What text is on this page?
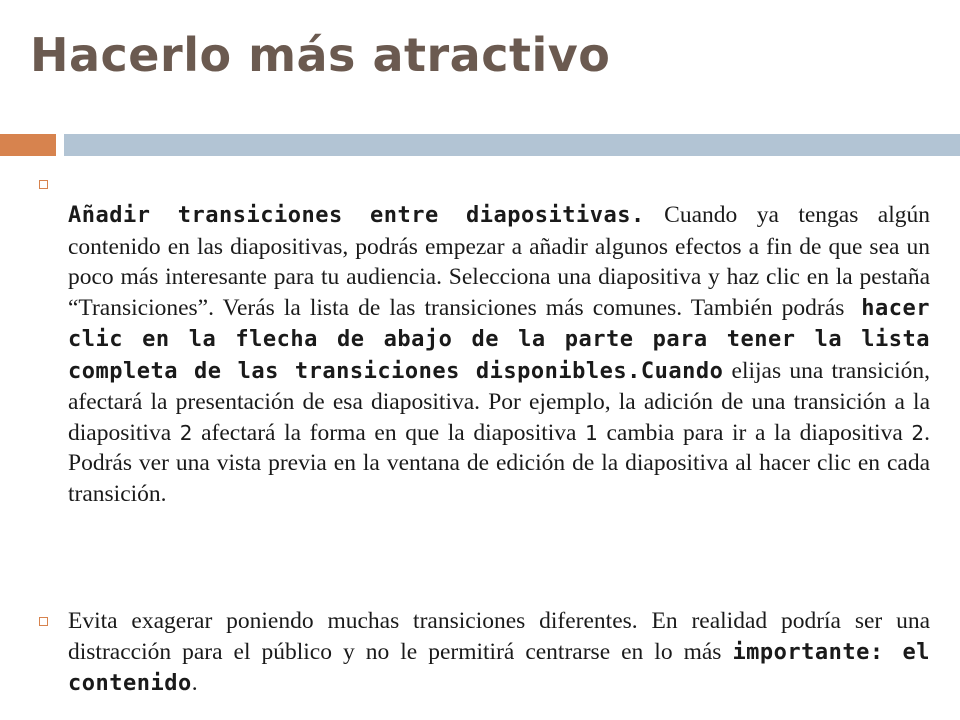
Hacerlo más atractivo

Añadir transiciones entre diapositivas. Cuando ya tengas algún contenido en las diapositivas, podrás empezar a añadir algunos efectos a fin de que sea un poco más interesante para tu audiencia. Selecciona una diapositiva y haz clic en la pestaña “Transiciones”. Verás la lista de las transiciones más comunes. También podrás hacer clic en la flecha de abajo de la parte para tener la lista completa de las transiciones disponibles.Cuando elijas una transición, afectará la presentación de esa diapositiva. Por ejemplo, la adición de una transición a la diapositiva 2 afectará la forma en que la diapositiva 1 cambia para ir a la diapositiva 2. Podrás ver una vista previa en la ventana de edición de la diapositiva al hacer clic en cada transición.

Evita exagerar poniendo muchas transiciones diferentes. En realidad podría ser una distracción para el público y no le permitirá centrarse en lo más importante: el contenido.
